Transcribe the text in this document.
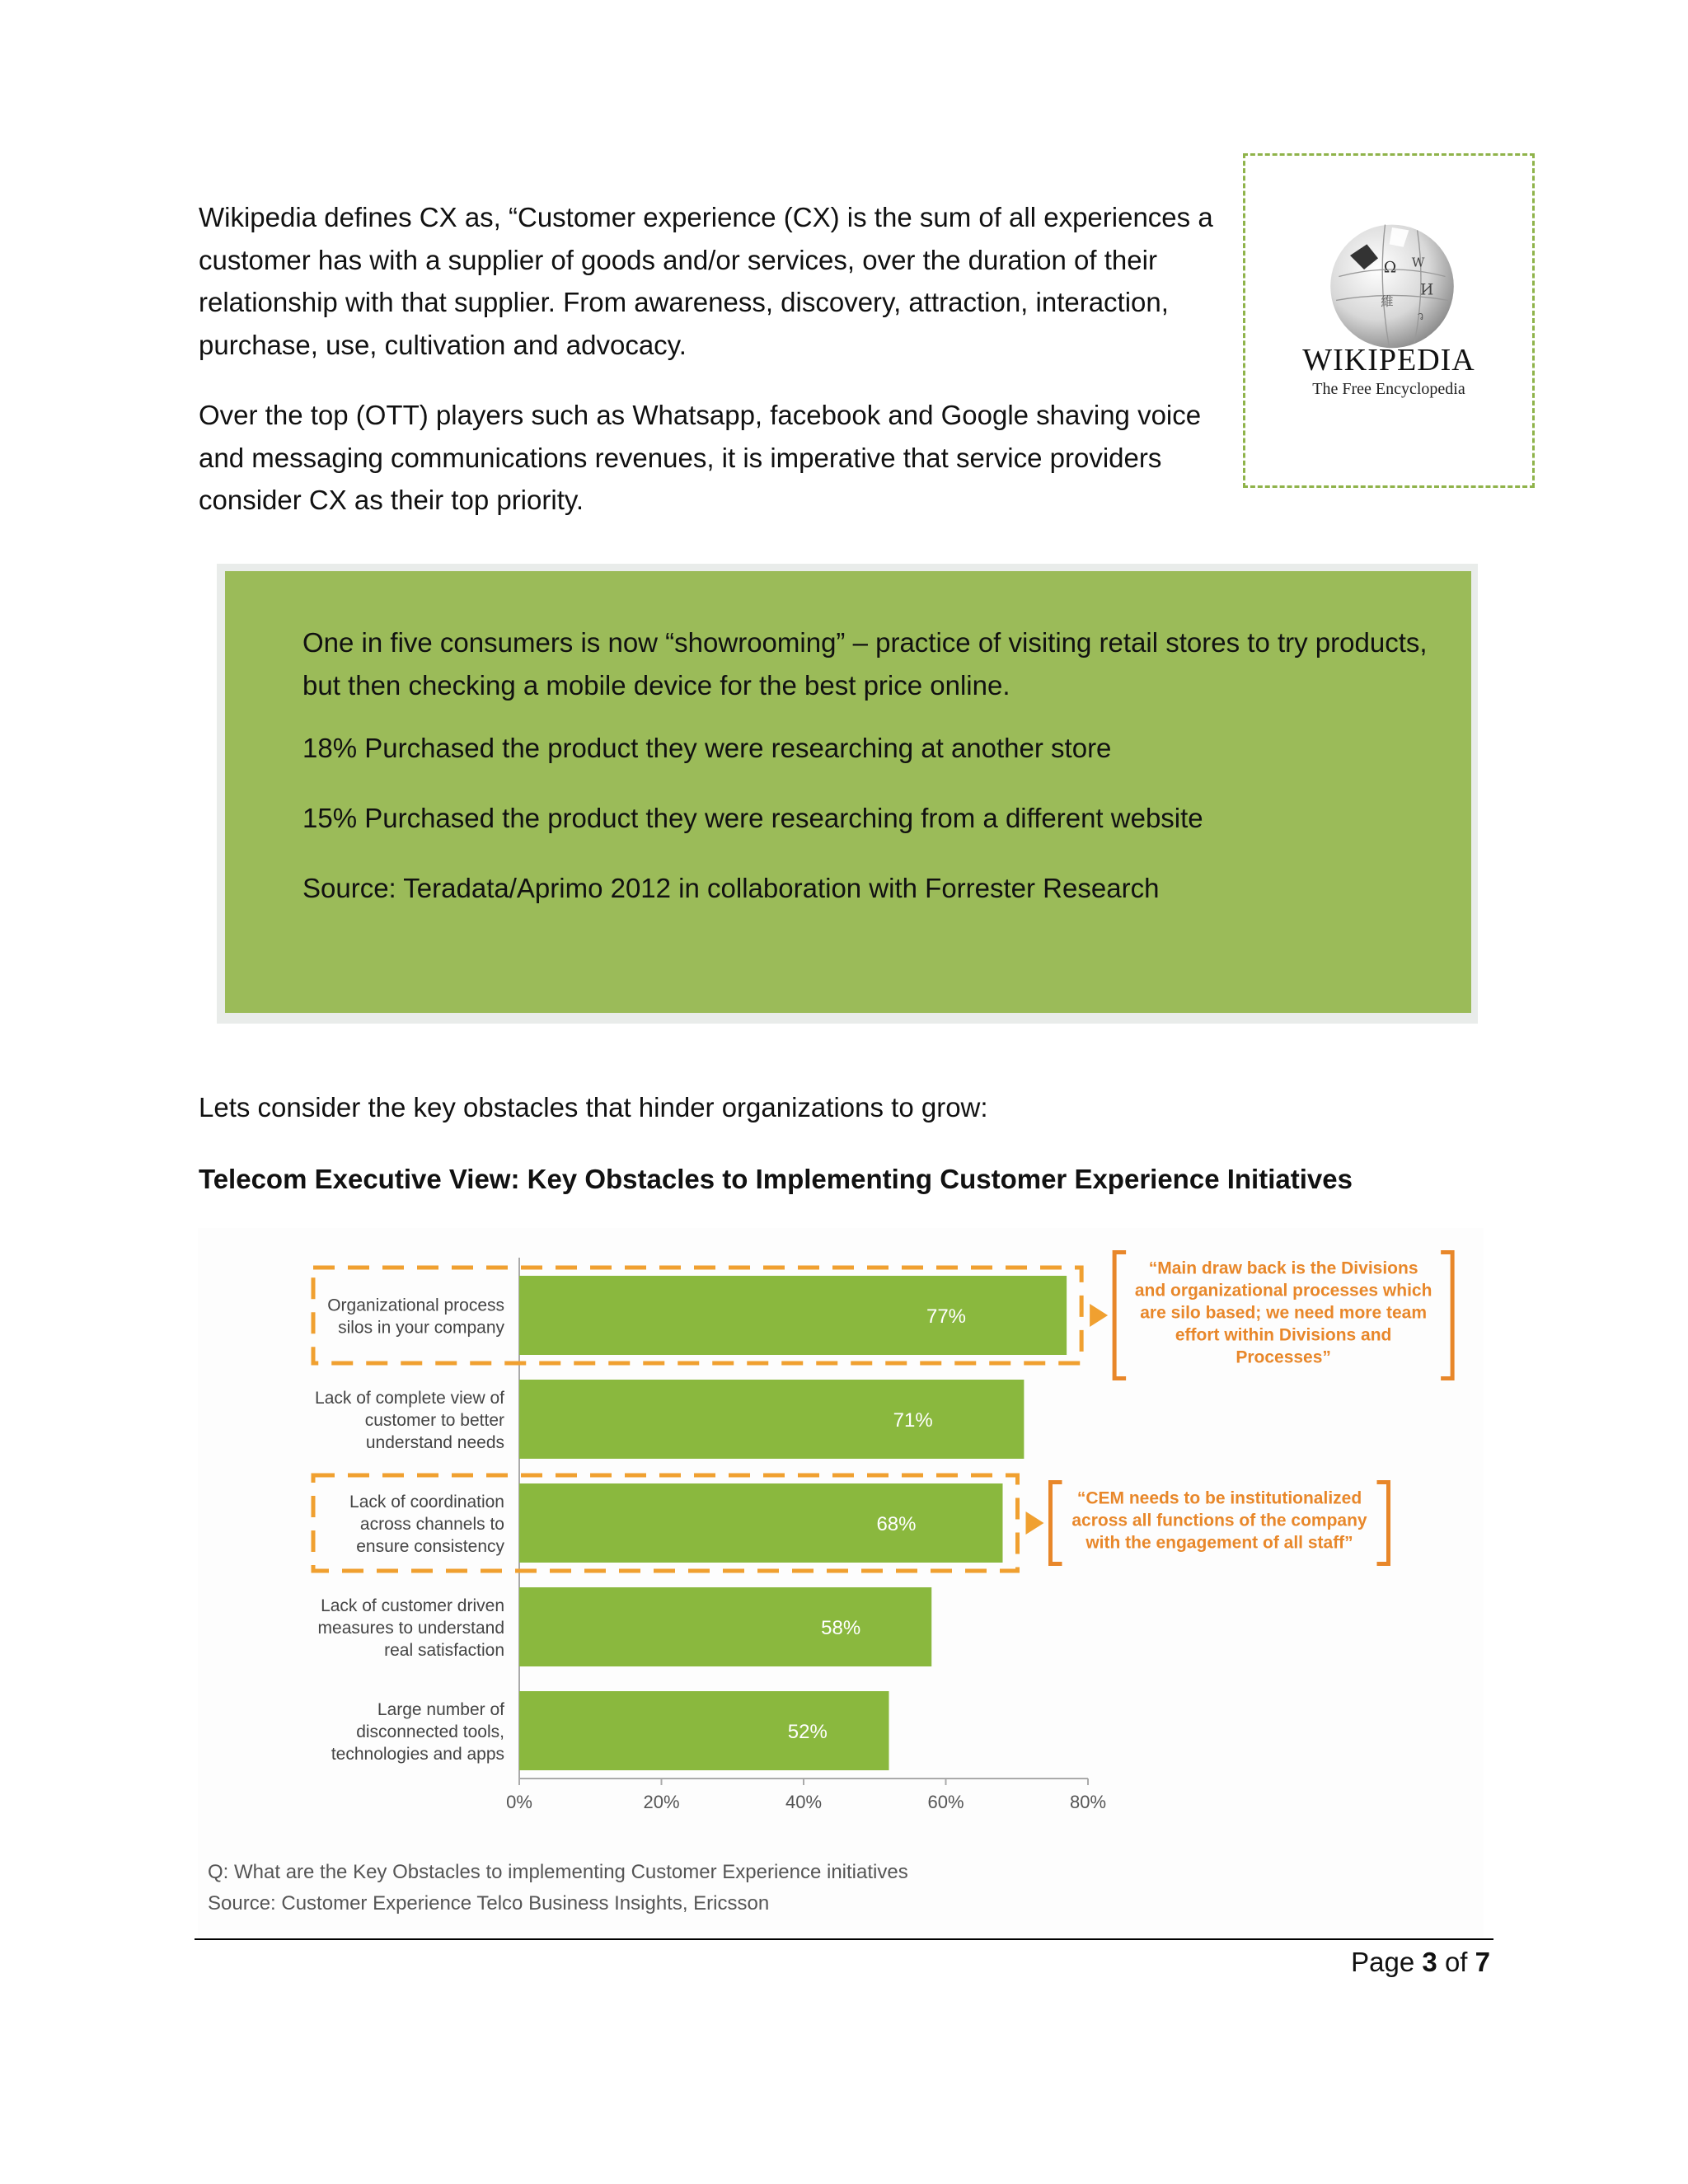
Wikipedia defines CX as, “Customer experience (CX) is the sum of all experiences a customer has with a supplier of goods and/or services, over the duration of their relationship with that supplier. From awareness, discovery, attraction, interaction, purchase, use, cultivation and advocacy.

Over the top (OTT) players such as Whatsapp, facebook and Google shaving voice and messaging communications revenues, it is imperative that service providers consider CX as their top priority.

Ω W
И
維
ว
WIKIPEDIA
The Free Encyclopedia

One in five consumers is now “showrooming” – practice of visiting retail stores to try products, but then checking a mobile device for the best price online.

18% Purchased the product they were researching at another store

15% Purchased the product they were researching from a different website

Source: Teradata/Aprimo 2012 in collaboration with Forrester Research

Lets consider the key obstacles that hinder organizations to grow:
Telecom Executive View: Key Obstacles to Implementing Customer Experience Initiatives
0%	20%	40%	60%	80%
77%
Organizational process
silos in your company
“Main draw back is the Divisions
and organizational processes which
are silo based; we need more team
effort within Divisions and
Processes”
71%
Lack of complete view of
customer to better
understand needs
68%
Lack of coordination
across channels to
ensure consistency
“CEM needs to be institutionalized
across all functions of the company
with the engagement of all staff”
58%
Lack of customer driven
measures to understand
real satisfaction
52%
Large number of
disconnected tools,
technologies and apps
Q: What are the Key Obstacles to implementing Customer Experience initiatives
Source: Customer Experience Telco Business Insights, Ericsson
Page 3 of 7
